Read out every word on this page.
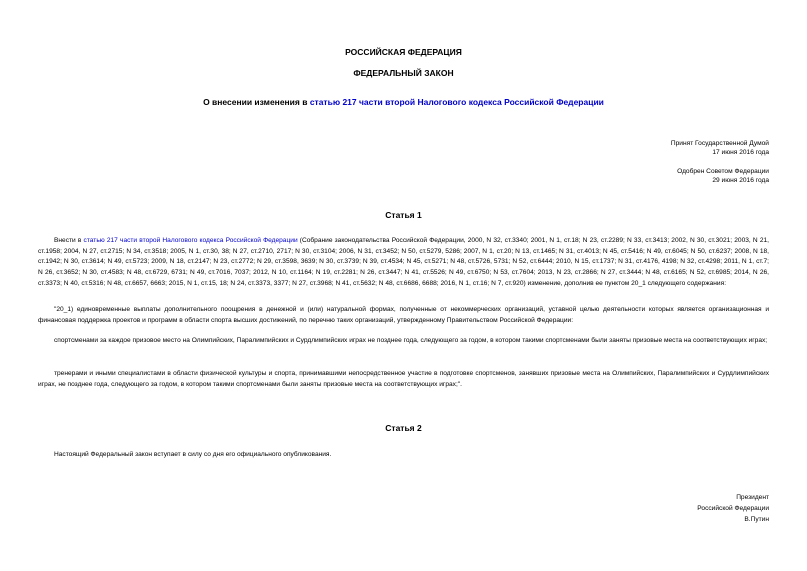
РОССИЙСКАЯ ФЕДЕРАЦИЯ
ФЕДЕРАЛЬНЫЙ ЗАКОН
О внесении изменения в статью 217 части второй Налогового кодекса Российской Федерации
Принят Государственной Думой
17 июня 2016 года
Одобрен Советом Федерации
29 июня 2016 года
Статья 1
Внести в статью 217 части второй Налогового кодекса Российской Федерации (Собрание законодательства Российской Федерации, 2000, N 32, ст.3340; 2001, N 1, ст.18; N 23, ст.2289; N 33, ст.3413; 2002, N 30, ст.3021; 2003, N 21, ст.1958; 2004, N 27, ст.2715; N 34, ст.3518; 2005, N 1, ст.30, 38; N 27, ст.2710, 2717; N 30, ст.3104; 2006, N 31, ст.3452; N 50, ст.5279, 5286; 2007, N 1, ст.20; N 13, ст.1465; N 31, ст.4013; N 45, ст.5416; N 49, ст.6045; N 50, ст.6237; 2008, N 18, ст.1942; N 30, ст.3614; N 49, ст.5723; 2009, N 18, ст.2147; N 23, ст.2772; N 29, ст.3598, 3639; N 30, ст.3739; N 39, ст.4534; N 45, ст.5271; N 48, ст.5726, 5731; N 52, ст.6444; 2010, N 15, ст.1737; N 31, ст.4176, 4198; N 32, ст.4298; 2011, N 1, ст.7; N 26, ст.3652; N 30, ст.4583; N 48, ст.6729, 6731; N 49, ст.7016, 7037; 2012, N 10, ст.1164; N 19, ст.2281; N 26, ст.3447; N 41, ст.5526; N 49, ст.6750; N 53, ст.7604; 2013, N 23, ст.2866; N 27, ст.3444; N 48, ст.6165; N 52, ст.6985; 2014, N 26, ст.3373; N 40, ст.5316; N 48, ст.6657, 6663; 2015, N 1, ст.15, 18; N 24, ст.3373, 3377; N 27, ст.3968; N 41, ст.5632; N 48, ст.6686, 6688; 2016, N 1, ст.16; N 7, ст.920) изменение, дополнив ее пунктом 20_1 следующего содержания:
"20_1) единовременные выплаты дополнительного поощрения в денежной и (или) натуральной формах, полученные от некоммерческих организаций, уставной целью деятельности которых является организационная и финансовая поддержка проектов и программ в области спорта высших достижений, по перечню таких организаций, утвержденному Правительством Российской Федерации:
спортсменами за каждое призовое место на Олимпийских, Паралимпийских и Сурдлимпийских играх не позднее года, следующего за годом, в котором такими спортсменами были заняты призовые места на соответствующих играх;
тренерами и иными специалистами в области физической культуры и спорта, принимавшими непосредственное участие в подготовке спортсменов, занявших призовые места на Олимпийских, Паралимпийских и Сурдлимпийских играх, не позднее года, следующего за годом, в котором такими спортсменами были заняты призовые места на соответствующих играх;".
Статья 2
Настоящий Федеральный закон вступает в силу со дня его официального опубликования.
Президент
Российской Федерации
В.Путин
